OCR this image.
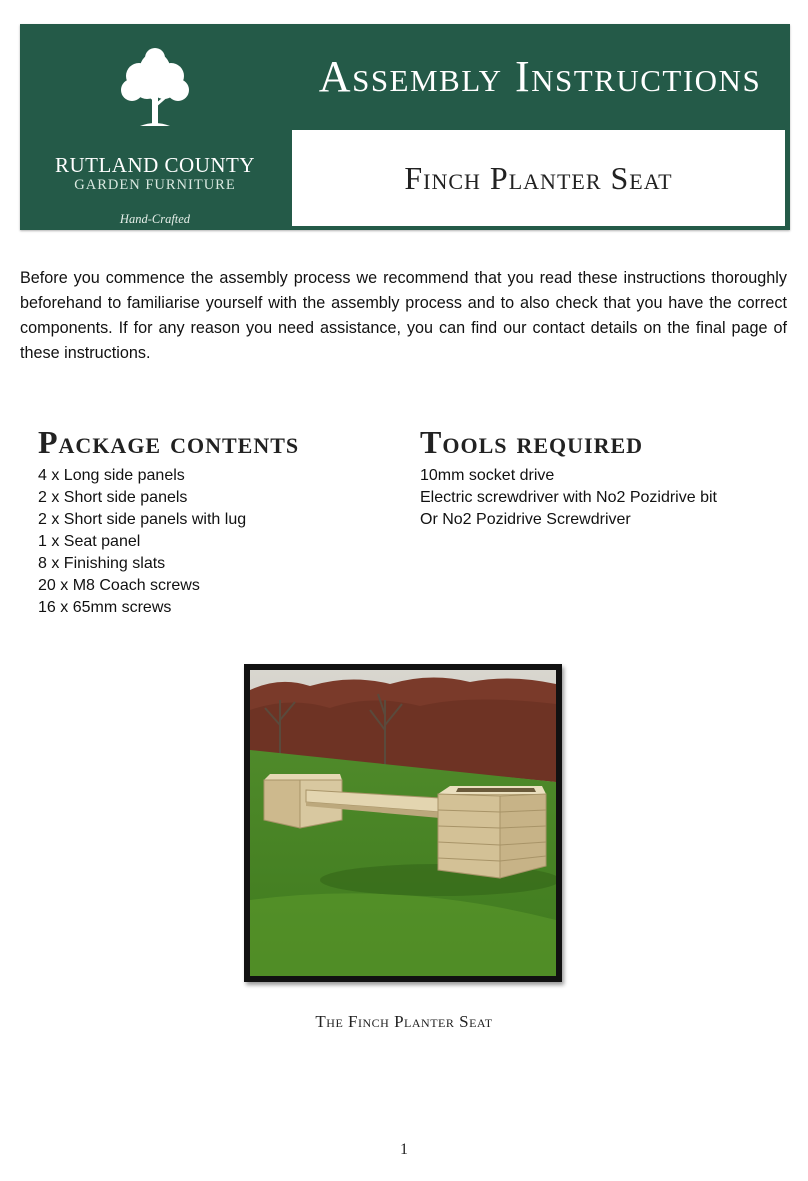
RUTLAND COUNTY
GARDEN FURNITURE
Hand-Crafted
Assembly Instructions
Finch Planter Seat

Before you commence the assembly process we recommend that you read these instructions thoroughly beforehand to familiarise yourself with the assembly process and to also check that you have the correct components. If for any reason you need assistance, you can find our contact details on the final page of these instructions.

Package contents
4 x Long side panels
2 x Short side panels
2 x Short side panels with lug
1 x Seat panel
8 x Finishing slats
20 x M8 Coach screws
16 x 65mm screws
Tools required
10mm socket drive
Electric screwdriver with No2 Pozidrive bit
Or No2 Pozidrive Screwdriver
The Finch Planter Seat
1
